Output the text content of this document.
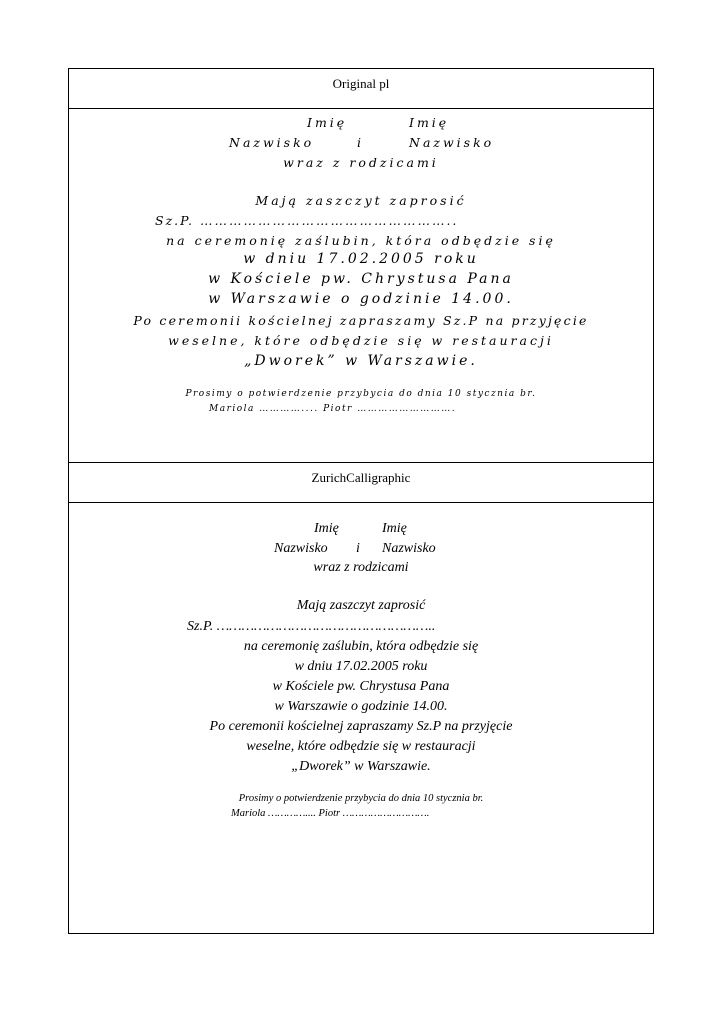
Original pl
Imię	Imię
Nazwisko	i	Nazwisko
wraz z rodzicami
Mają zaszczyt zaprosić
Sz.P. ……………………………………………..
na ceremonię zaślubin, która odbędzie się
w dniu 17.02.2005 roku
w Kościele pw. Chrystusa Pana
w Warszawie o godzinie 14.00.
Po ceremonii kościelnej zapraszamy Sz.P na przyjęcie
weselne, które odbędzie się w restauracji
„Dworek” w Warszawie.
Prosimy o potwierdzenie przybycia do dnia 10 stycznia br.
Mariola ………….... Piotr ……………………….
ZurichCalligraphic
Imię	Imię
Nazwisko i Nazwisko
wraz z rodzicami
Mają zaszczyt zaprosić
Sz.P. ……………………………………………..
na ceremonię zaślubin, która odbędzie się
w dniu 17.02.2005 roku
w Kościele pw. Chrystusa Pana
w Warszawie o godzinie 14.00.
Po ceremonii kościelnej zapraszamy Sz.P na przyjęcie
weselne, które odbędzie się w restauracji
„Dworek” w Warszawie.
Prosimy o potwierdzenie przybycia do dnia 10 stycznia br.
Mariola ………….... Piotr ……………………….
